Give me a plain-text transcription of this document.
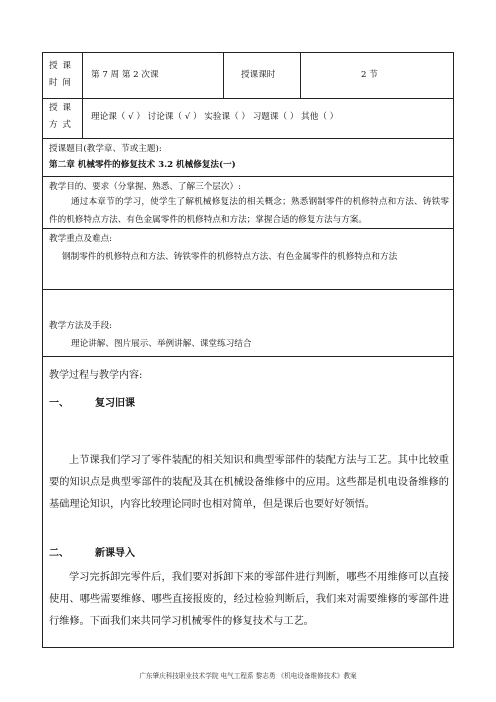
授 课
时 间
第 7 周 第 2 次课	授课课时	2 节
授 课
方 式
理论课（ √ ） 讨论课（ √ ） 实验课（ ） 习题课（ ） 其他（ ）
授课题目(教学章、节或主题):
第二章 机械零件的修复技术 3.2 机械修复法(一)
教学目的、要求（分掌握、熟悉、了解三个层次）:
通过本章节的学习，使学生了解机械修复法的相关概念；熟悉钢制零件的机修特点和方法、铸铁零件的机修特点方法、有色金属零件的机修特点和方法；掌握合适的修复方法与方案。
教学重点及难点:
钢制零件的机修特点和方法、铸铁零件的机修特点方法、有色金属零件的机修特点和方法
教学方法及手段:
理论讲解、图片展示、举例讲解、课堂练习结合
教学过程与教学内容:
一、	复习旧课
上节课我们学习了零件装配的相关知识和典型零部件的装配方法与工艺。其中比较重要的知识点是典型零部件的装配及其在机械设备维修中的应用。这些都是机电设备维修的基础理论知识，内容比较理论同时也相对简单，但是课后也要好好领悟。
二、	新课导入
学习完拆卸完零件后，我们要对拆卸下来的零部件进行判断，哪些不用维修可以直接使用、哪些需要维修、哪些直接报废的，经过检验判断后，我们来对需要维修的零部件进行维修。下面我们来共同学习机械零件的修复技术与工艺。
广东肇庆科技职业技术学院 电气工程系 黎志勇 《机电设备维修技术》教案
